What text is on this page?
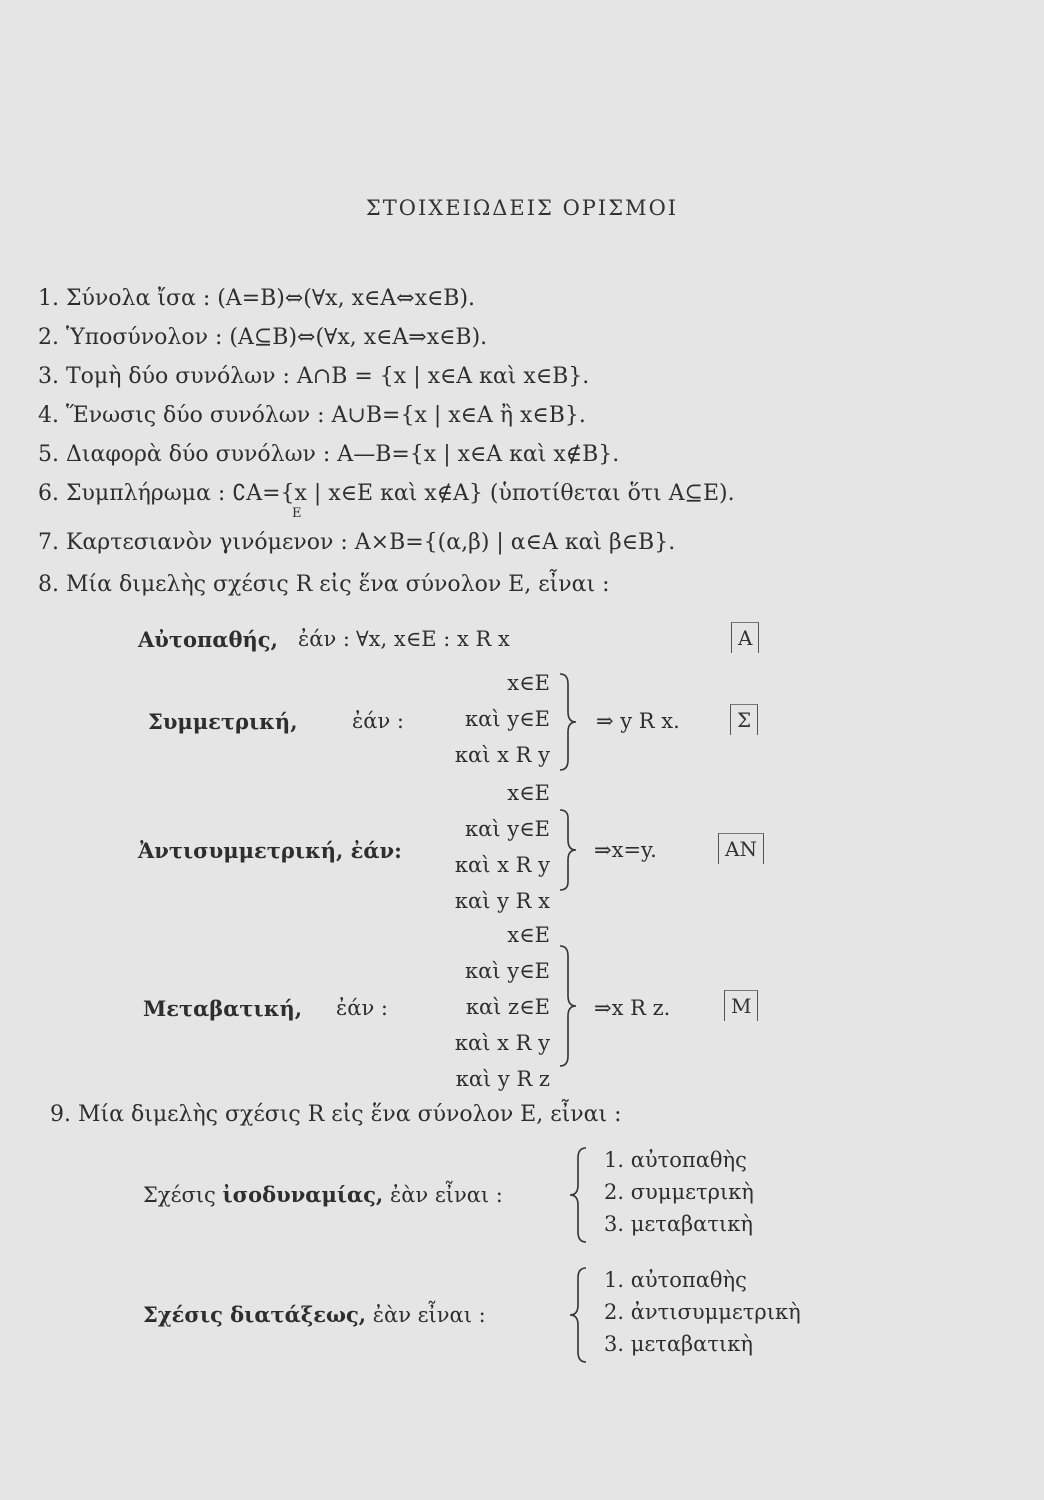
ΣΤΟΙΧΕΙΩΔΕΙΣ ΟΡΙΣΜΟΙ
1. Σύνολα ἴσα : (Α=Β)⇔(∀x, x∈Α⇔x∈Β).
2. Ὑποσύνολον : (Α⊆Β)⇔(∀x, x∈Α⇒x∈Β).
3. Τομὴ δύο συνόλων : Α∩Β = {x | x∈Α καὶ x∈Β}.
4. Ἕνωσις δύο συνόλων : Α∪Β={x | x∈Α ἢ x∈Β}.
5. Διαφορὰ δύο συνόλων : Α—Β={x | x∈Α καὶ x∉Β}.
6. Συμπλήρωμα : ∁Α={x | x∈Ε καὶ x∉Α} (ὑποτίθεται ὅτι Α⊆Ε).
Ε
7. Καρτεσιανὸν γινόμενον : Α×Β={(α,β) | α∈Α καὶ β∈Β}.
8. Μία διμελὴς σχέσις R εἰς ἕνα σύνολον Ε, εἶναι :
Αὐτοπαθής, ἐάν : ∀x, x∈Ε : x R x	Α
Συμμετρική,	ἐάν :
x∈Ε
καὶ y∈Ε
καὶ x R y
⇒ y R x.	Σ
Ἀντισυμμετρική, ἐάν:
x∈Ε
καὶ y∈Ε
καὶ x R y
καὶ y R x
⇒x=y.	ΑΝ
Μεταβατική, ἐάν :
x∈Ε
καὶ y∈Ε
καὶ z∈Ε
καὶ x R y
καὶ y R z
⇒x R z.	Μ
9. Μία διμελὴς σχέσις R εἰς ἕνα σύνολον Ε, εἶναι :
Σχέσις ἰσοδυναμίας, ἐὰν εἶναι :
1. αὐτοπαθὴς
2. συμμετρικὴ
3. μεταβατικὴ
Σχέσις διατάξεως, ἐὰν εἶναι :
1. αὐτοπαθὴς
2. ἀντισυμμετρικὴ
3. μεταβατικὴ
